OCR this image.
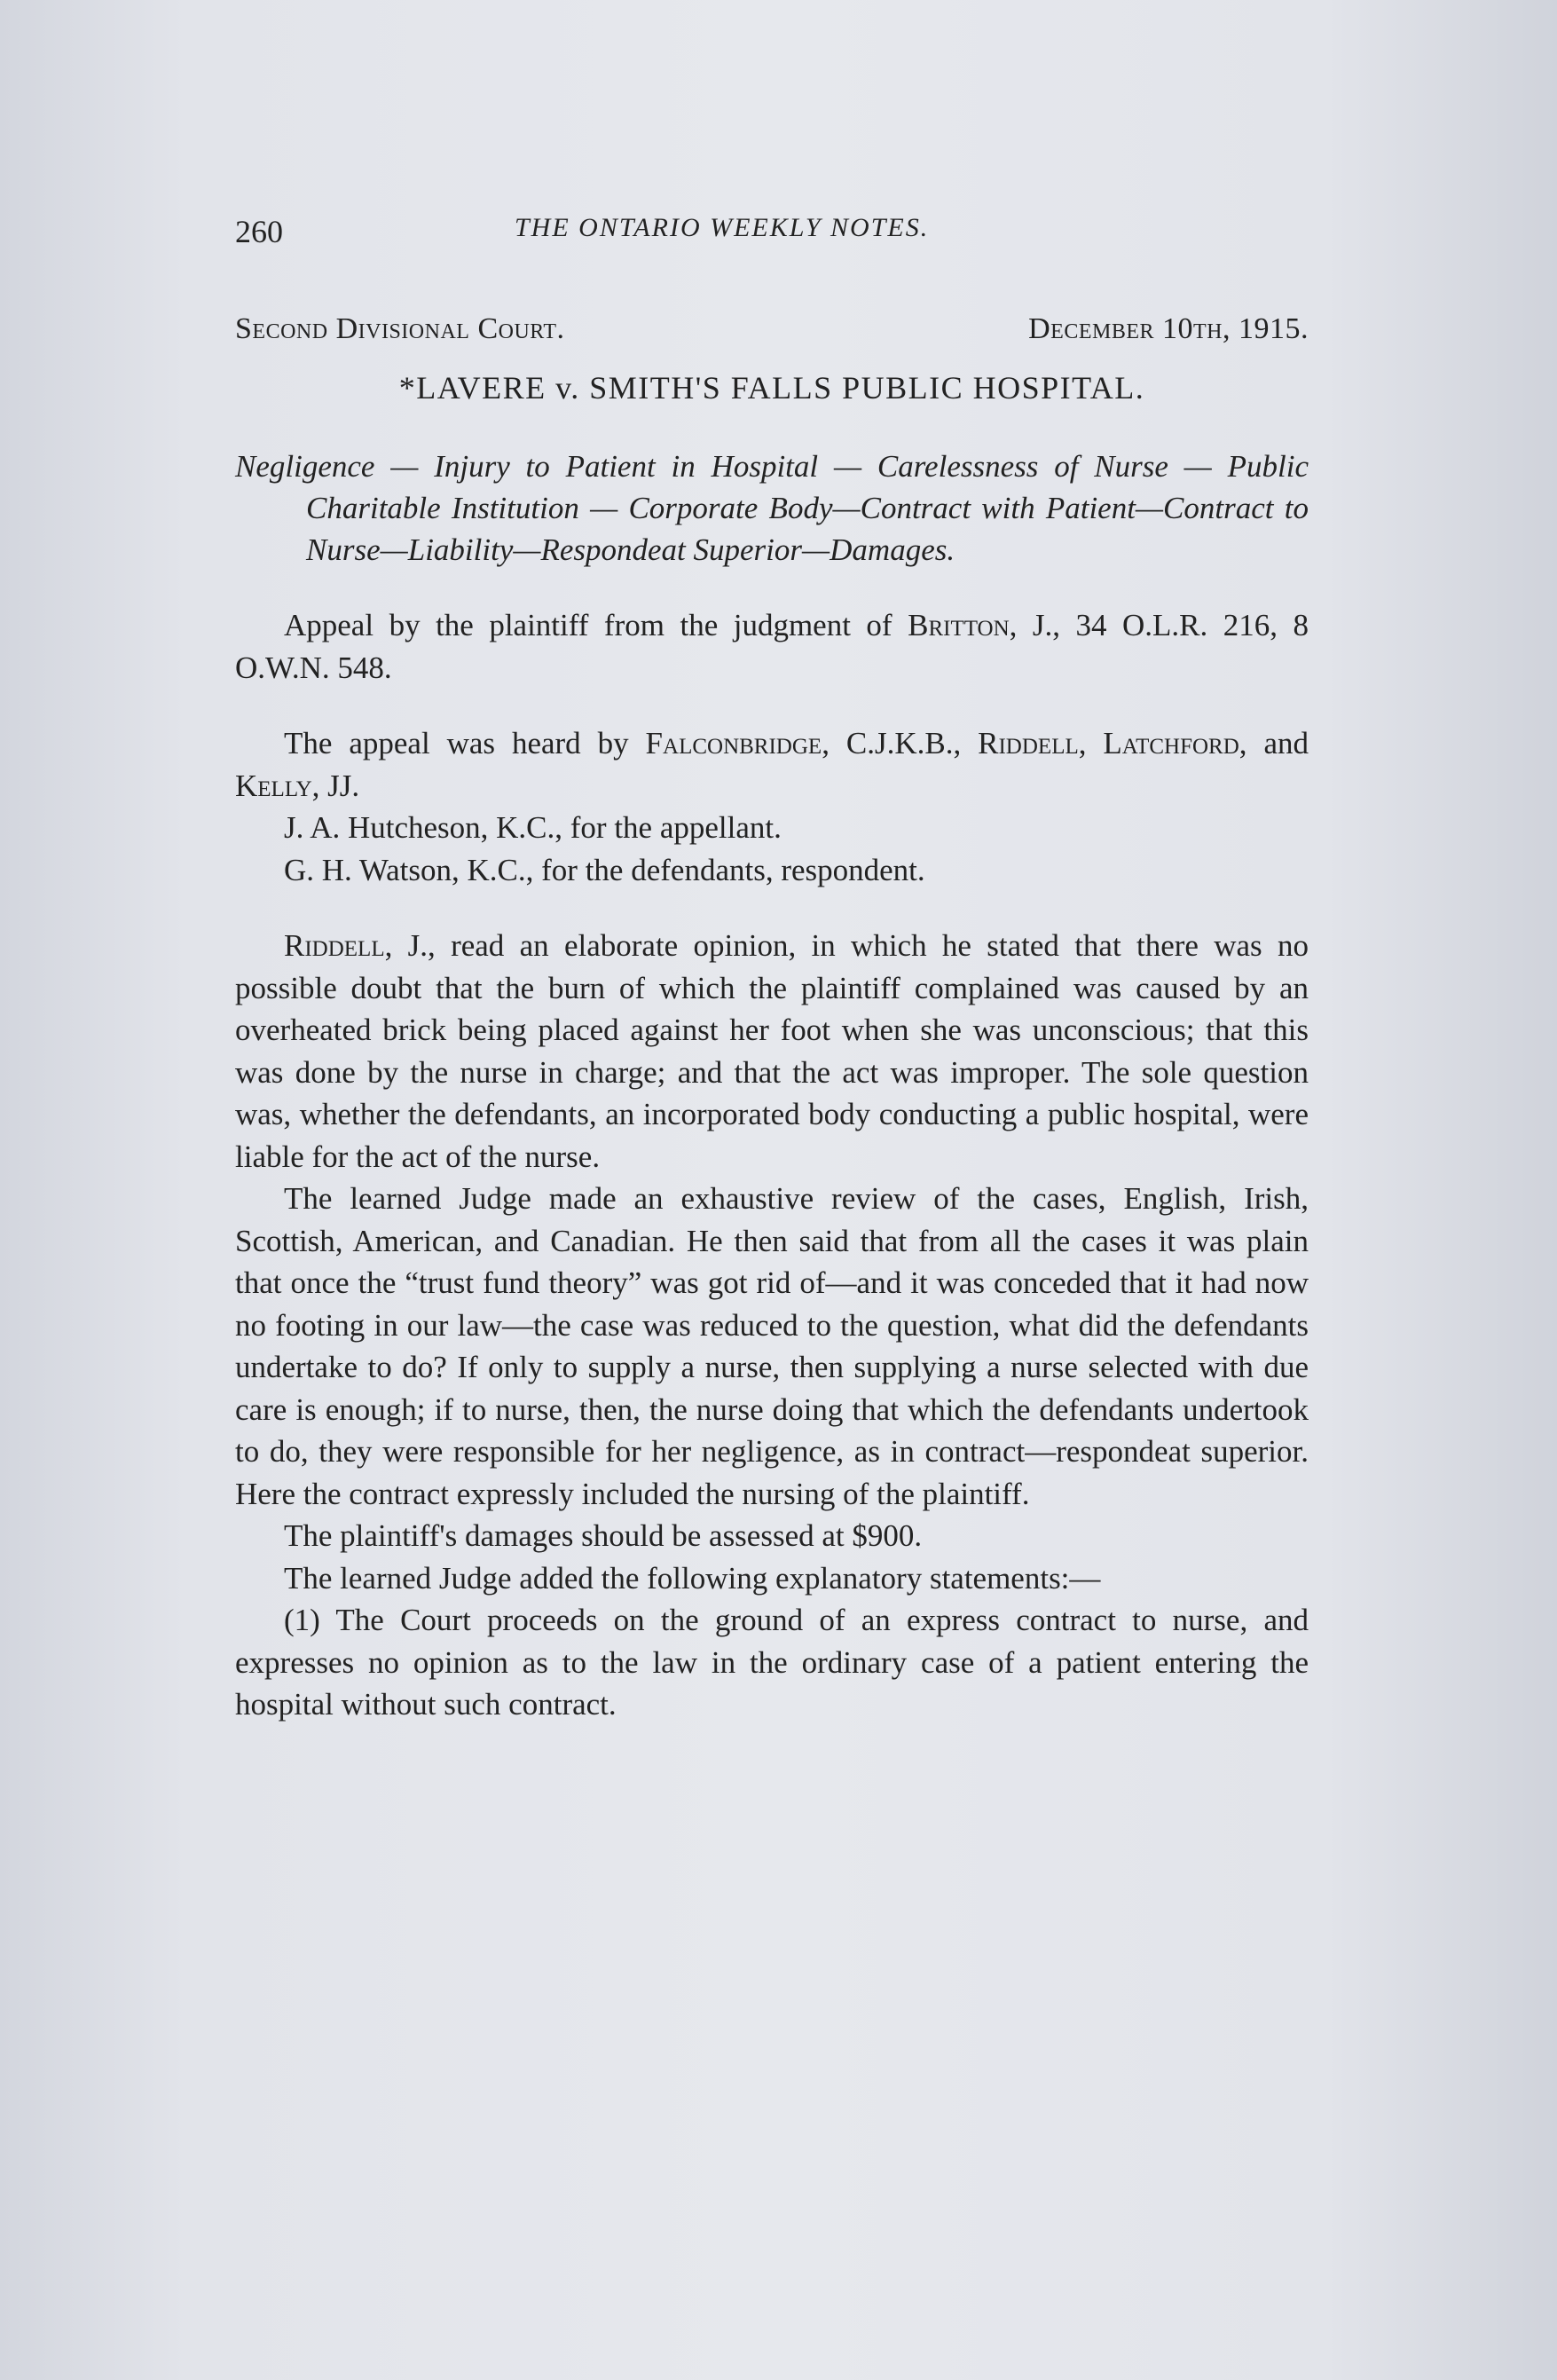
260	THE ONTARIO WEEKLY NOTES.
Second Divisional Court.	December 10th, 1915.
*LAVERE v. SMITH'S FALLS PUBLIC HOSPITAL.
Negligence — Injury to Patient in Hospital — Carelessness of Nurse — Public Charitable Institution — Corporate Body—Contract with Patient—Contract to Nurse—Liability—Respondeat Superior—Damages.

Appeal by the plaintiff from the judgment of Britton, J., 34 O.L.R. 216, 8 O.W.N. 548.

The appeal was heard by Falconbridge, C.J.K.B., Riddell, Latchford, and Kelly, JJ.

J. A. Hutcheson, K.C., for the appellant.

G. H. Watson, K.C., for the defendants, respondent.

Riddell, J., read an elaborate opinion, in which he stated that there was no possible doubt that the burn of which the plaintiff complained was caused by an overheated brick being placed against her foot when she was unconscious; that this was done by the nurse in charge; and that the act was improper. The sole question was, whether the defendants, an incorporated body conducting a public hospital, were liable for the act of the nurse.

The learned Judge made an exhaustive review of the cases, English, Irish, Scottish, American, and Canadian. He then said that from all the cases it was plain that once the “trust fund theory” was got rid of—and it was conceded that it had now no footing in our law—the case was reduced to the question, what did the defendants undertake to do? If only to supply a nurse, then supplying a nurse selected with due care is enough; if to nurse, then, the nurse doing that which the defendants undertook to do, they were responsible for her negligence, as in contract—respondeat superior. Here the contract expressly included the nursing of the plaintiff.

The plaintiff's damages should be assessed at $900.

The learned Judge added the following explanatory statements:—

(1) The Court proceeds on the ground of an express contract to nurse, and expresses no opinion as to the law in the ordinary case of a patient entering the hospital without such contract.
